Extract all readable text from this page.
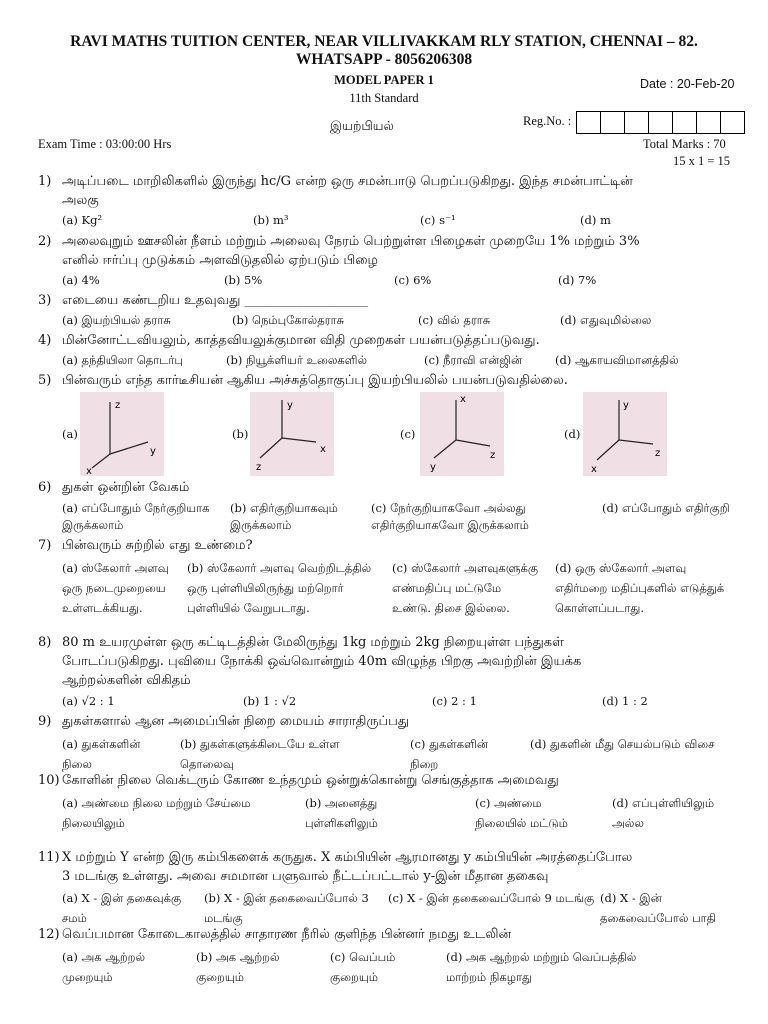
RAVI MATHS TUITION CENTER, NEAR VILLIVAKKAM RLY STATION, CHENNAI – 82.
WHATSAPP - 8056206308
MODEL PAPER 1	Date : 20-Feb-20
11th Standard
இயற்பியல்	Reg.No. :
Exam Time : 03:00:00 Hrs	Total Marks : 70
15 x 1 = 15
1) அடிப்படை மாறிலிகளில் இருந்து hc/G என்ற ஒரு சமன்பாடு பெறப்படுகிறது. இந்த சமன்பாட்டின்
அலகு
(a) Kg²	(b) m³	(c) s⁻¹	(d) m
2) அலைவுறும் ஊசலின் நீளம் மற்றும் அலைவு நேரம் பெற்றுள்ள பிழைகள் முறையே 1% மற்றும் 3%
எனில் ஈர்ப்பு முடுக்கம் அளவிடுதலில் ஏற்படும் பிழை
(a) 4%	(b) 5%	(c) 6%	(d) 7%
3) எடையை கண்டறிய உதவுவது ___________________
(a) இயற்பியல் தராசு	(b) நெம்புகோல்தராசு	(c) வில் தராசு	(d) எதுவுமில்லை
4) மின்னோட்டவியலும், காத்தவியலுக்குமான விதி முறைகள் பயன்படுத்தப்படுவது.
(a) தந்தியிலா தொடர்பு	(b) நியூக்ளியர் உலைகளில்	(c) நீராவி என்ஜின்	(d) ஆகாயவிமானத்தில்
5) பின்வரும் எந்த கார்டீசியன் ஆகிய அச்சுத்தொகுப்பு இயற்பியலில் பயன்படுவதில்லை.
(a)	(b)	(c)	(d)
z
y
x
y
x
z
x
z
y
y
z
x
6) துகள் ஒன்றின் வேகம்
(a) எப்போதும் நேர்குறியாக இருக்கலாம்
(b) எதிர்குறியாகவும் இருக்கலாம்
(c) நேர்குறியாகவோ அல்லது எதிர்குறியாகவோ இருக்கலாம்
(d) எப்போதும் எதிர்குறி
7) பின்வரும் சுற்றில் எது உண்மை?
(a) ஸ்கேலார் அளவு ஒரு நடைமுறையை உள்ளடக்கியது.
(b) ஸ்கேலார் அளவு வெற்றிடத்தில் ஒரு புள்ளியிலிருந்து மற்றொர் புள்ளியில் வேறுபடாது.
(c) ஸ்கேலார் அளவுகளுக்கு எண்மதிப்பு மட்டுமே உண்டு. திசை இல்லை.
(d) ஒரு ஸ்கேலார் அளவு எதிர்மறை மதிப்புகளில் எடுத்துக் கொள்ளப்படாது.
8) 80 m உயரமுள்ள ஒரு கட்டிடத்தின் மேலிருந்து 1kg மற்றும் 2kg நிறையுள்ள பந்துகள்
போடப்படுகிறது. புவியை நோக்கி ஒவ்வொன்றும் 40m விழுந்த பிறகு அவற்றின் இயக்க
ஆற்றல்களின் விகிதம்
(a) √2 : 1	(b) 1 : √2	(c) 2 : 1	(d) 1 : 2
9) துகள்களால் ஆன அமைப்பின் நிறை மையம் சாராதிருப்பது
(a) துகள்களின் நிலை
(b) துகள்களுக்கிடையே உள்ள தொலைவு
(c) துகள்களின் நிறை
(d) துகளின் மீது செயல்படும் விசை
10) கோளின் நிலை வெக்டரும் கோண உந்தமும் ஒன்றுக்கொன்று செங்குத்தாக அமைவது
(a) அண்மை நிலை மற்றும் சேய்மை நிலையிலும்
(b) அனைத்து புள்ளிகளிலும்
(c) அண்மை நிலையில் மட்டும்
(d) எப்புள்ளியிலும் அல்ல
11) X மற்றும் Y என்ற இரு கம்பிகளைக் கருதுக. X கம்பியின் ஆரமானது y கம்பியின் அரத்தைப்போல
3 மடங்கு உள்ளது. அவை சமமான பளுவால் நீட்டப்பட்டால் y-இன் மீதான தகைவு
(a) X - இன் தகைவுக்கு சமம்
(b) X - இன் தகைவைப்போல் 3 மடங்கு
(c) X - இன் தகைவைப்போல் 9 மடங்கு (d) X - இன் தகைவைப்போல் பாதி
12) வெப்பமான கோடைகாலத்தில் சாதாரண நீரில் குளிந்த பின்னர் நமது உடலின்
(a) அக ஆற்றல் முறையும்
(b) அக ஆற்றல் குறையும்
(c) வெப்பம் குறையும்
(d) அக ஆற்றல் மற்றும் வெப்பத்தில் மாற்றம் நிகழாது
